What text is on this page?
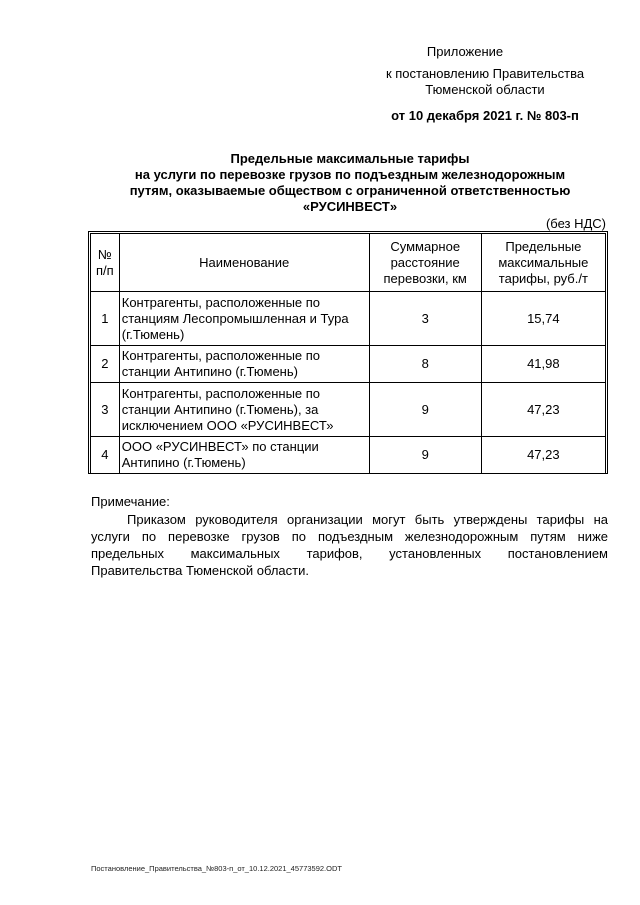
Приложение
к постановлению Правительства
Тюменской области
от 10 декабря 2021 г. № 803-п
Предельные максимальные тарифы
на услуги по перевозке грузов по подъездным железнодорожным
путям, оказываемые обществом с ограниченной ответственностью
«РУСИНВЕСТ»
(без НДС)
№ п/п	Наименование	Суммарное расстояние перевозки, км	Предельные максимальные тарифы, руб./т
1	Контрагенты, расположенные по станциям Лесопромышленная и Тура (г.Тюмень)	3	15,74
2	Контрагенты, расположенные по станции Антипино (г.Тюмень)	8	41,98
3	Контрагенты, расположенные по станции Антипино (г.Тюмень), за исключением ООО «РУСИНВЕСТ»	9	47,23
4	ООО «РУСИНВЕСТ» по станции Антипино (г.Тюмень)	9	47,23
Примечание:
Приказом руководителя организации могут быть утверждены тарифы на услуги по перевозке грузов по подъездным железнодорожным путям ниже предельных максимальных тарифов, установленных постановлением Правительства Тюменской области.
Постановление_Правительства_№803-п_от_10.12.2021_45773592.ODT
